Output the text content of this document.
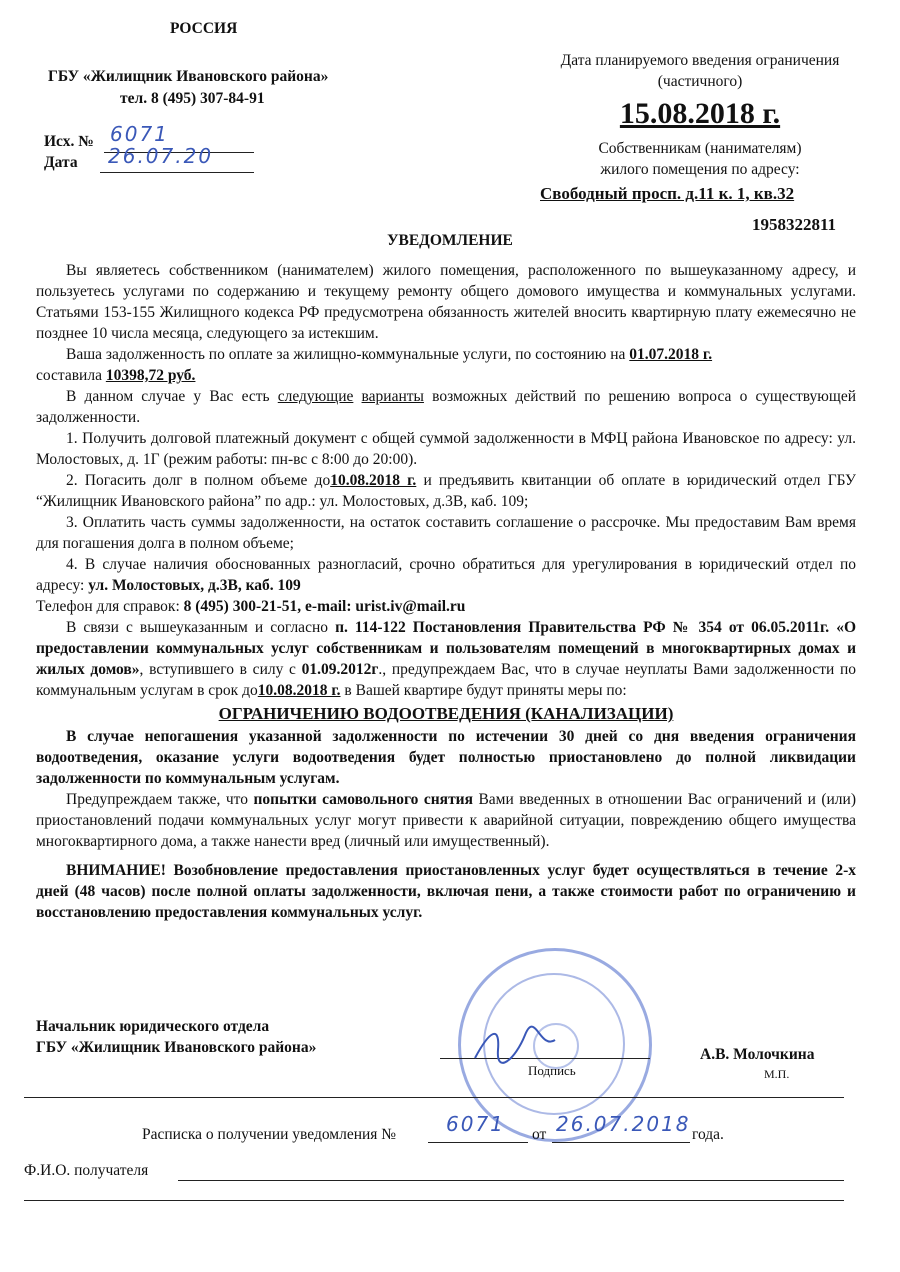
РОССИЯ
ГБУ «Жилищник Ивановского района»
тел. 8 (495) 307-84-91
Исх. № 6071
Дата 26.07.20
Дата планируемого введения ограничения
(частичного)
15.08.2018 г.
Собственникам (нанимателям)
жилого помещения по адресу:
Свободный просп. д.11 к. 1, кв.32
1958322811
УВЕДОМЛЕНИЕ

Вы являетесь собственником (нанимателем) жилого помещения, расположенного по вышеуказанному адресу, и пользуетесь услугами по содержанию и текущему ремонту общего домового имущества и коммунальных услугами. Статьями 153-155 Жилищного кодекса РФ предусмотрена обязанность жителей вносить квартирную плату ежемесячно не позднее 10 числа месяца, следующего за истекшим.

Ваша задолженность по оплате за жилищно-коммунальные услуги, по состоянию на 01.07.2018 г.
составила 10398,72 руб.

В данном случае у Вас есть следующие варианты возможных действий по решению вопроса о существующей задолженности.

1. Получить долговой платежный документ с общей суммой задолженности в МФЦ района Ивановское по адресу: ул. Молостовых, д. 1Г (режим работы: пн-вс с 8:00 до 20:00).

2. Погасить долг в полном объеме до10.08.2018 г. и предъявить квитанции об оплате в юридический отдел ГБУ “Жилищник Ивановского района” по адр.: ул. Молостовых, д.3В, каб. 109;

3. Оплатить часть суммы задолженности, на остаток составить соглашение о рассрочке. Мы предоставим Вам время для погашения долга в полном объеме;

4. В случае наличия обоснованных разногласий, срочно обратиться для урегулирования в юридический отдел по адресу: ул. Молостовых, д.3В, каб. 109

Телефон для справок: 8 (495) 300-21-51, e-mail: urist.iv@mail.ru

В связи с вышеуказанным и согласно п. 114-122 Постановления Правительства РФ № 354 от 06.05.2011г. «О предоставлении коммунальных услуг собственникам и пользователям помещений в многоквартирных домах и жилых домов», вступившего в силу с 01.09.2012г., предупреждаем Вас, что в случае неуплаты Вами задолженности по коммунальным услугам в срок до10.08.2018 г. в Вашей квартире будут приняты меры по:

ОГРАНИЧЕНИЮ ВОДООТВЕДЕНИЯ (КАНАЛИЗАЦИИ)

В случае непогашения указанной задолженности по истечении 30 дней со дня введения ограничения водоотведения, оказание услуги водоотведения будет полностью приостановлено до полной ликвидации задолженности по коммунальным услугам.

Предупреждаем также, что попытки самовольного снятия Вами введенных в отношении Вас ограничений и (или) приостановлений подачи коммунальных услуг могут привести к аварийной ситуации, повреждению общего имущества многоквартирного дома, а также нанести вред (личный или имущественный).

ВНИМАНИЕ! Возобновление предоставления приостановленных услуг будет осуществляться в течение 2-х дней (48 часов) после полной оплаты задолженности, включая пени, а также стоимости работ по ограничению и восстановлению предоставления коммунальных услуг.

Начальник юридического отдела
ГБУ «Жилищник Ивановского района»
Подпись
А.В. Молочкина
М.П.
Расписка о получении уведомления № 6071 от 26.07.2018 года.
Ф.И.О. получателя
